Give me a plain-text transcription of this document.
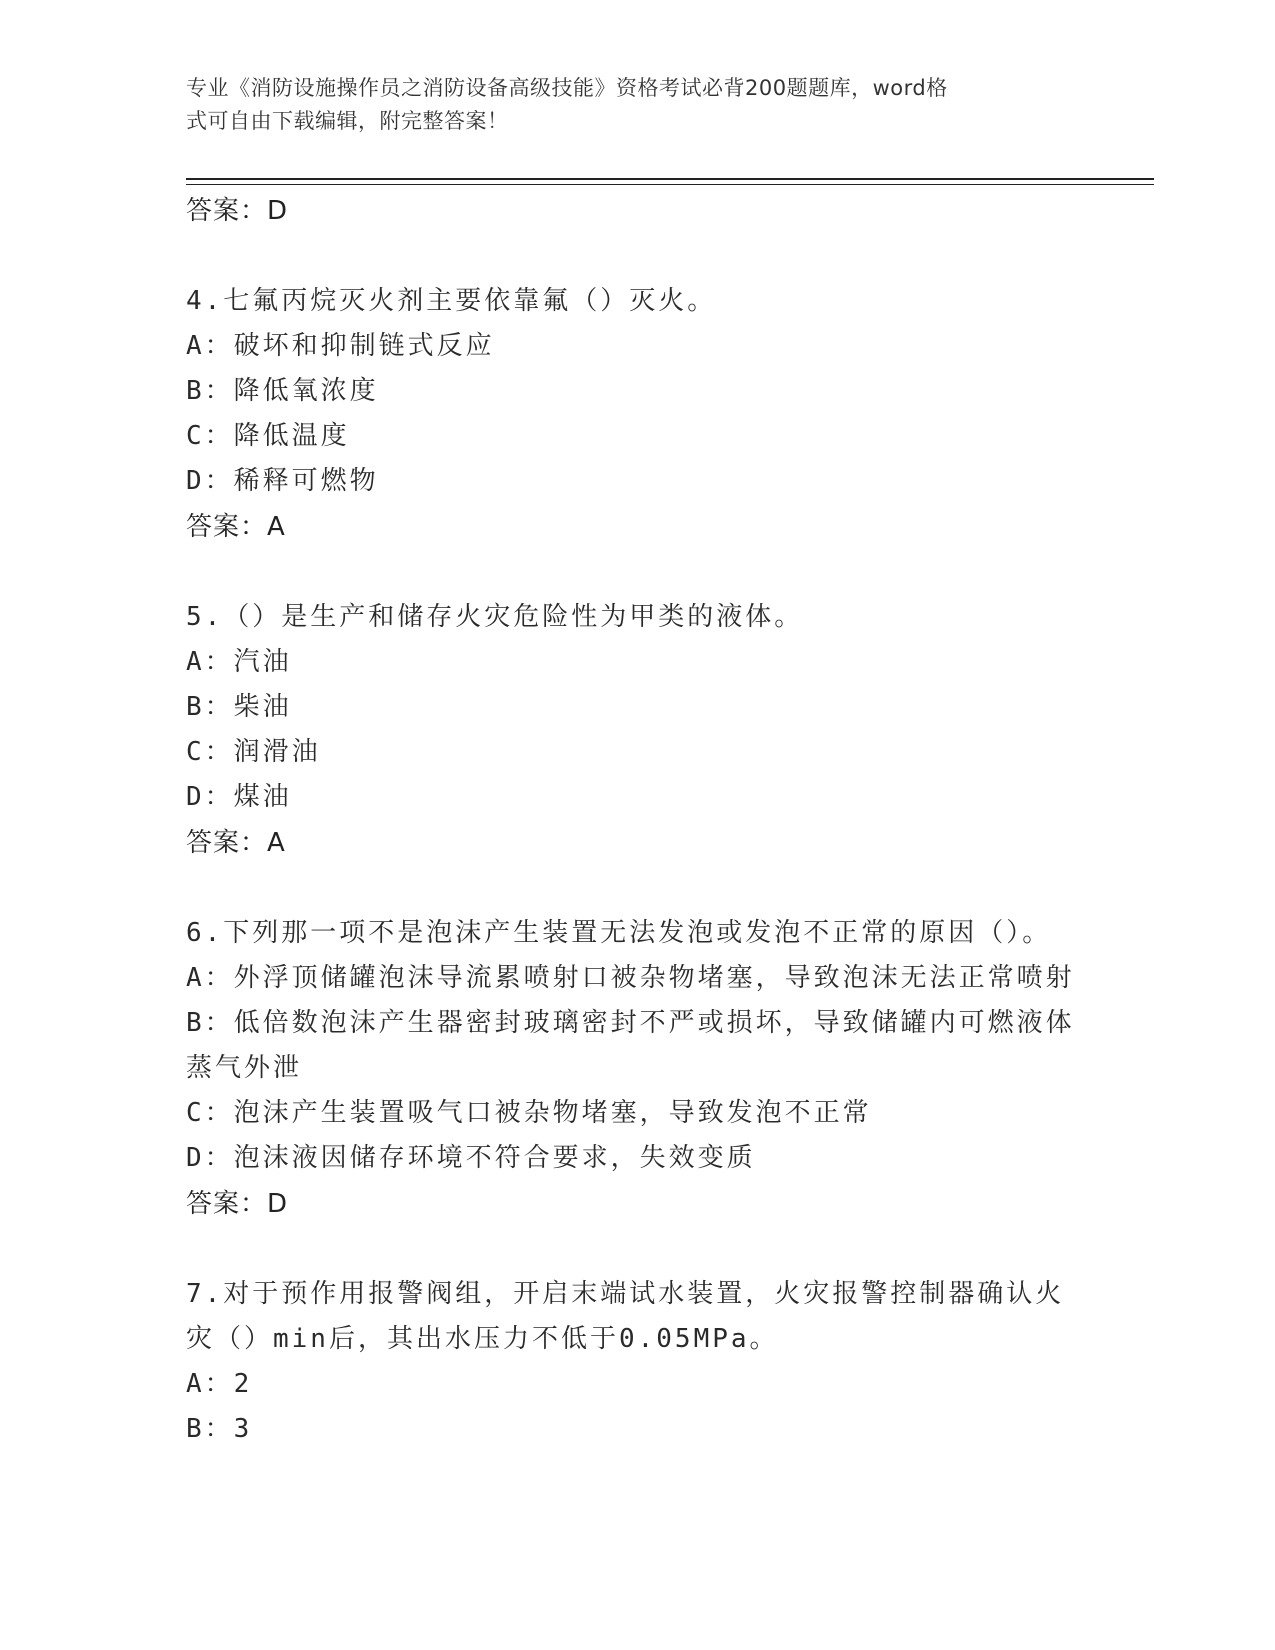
专业《消防设施操作员之消防设备高级技能》资格考试必背200题题库，word格
式可自由下载编辑，附完整答案！

答案：D

4.七氟丙烷灭火剂主要依靠氟（）灭火。

A：破坏和抑制链式反应

B：降低氧浓度

C：降低温度

D：稀释可燃物

答案：A

5.（）是生产和储存火灾危险性为甲类的液体。

A：汽油

B：柴油

C：润滑油

D：煤油

答案：A

6.下列那一项不是泡沫产生装置无法发泡或发泡不正常的原因（）。

A：外浮顶储罐泡沫导流累喷射口被杂物堵塞，导致泡沫无法正常喷射

B：低倍数泡沫产生器密封玻璃密封不严或损坏，导致储罐内可燃液体蒸气外泄

C：泡沫产生装置吸气口被杂物堵塞，导致发泡不正常

D：泡沫液因储存环境不符合要求，失效变质

答案：D

7.对于预作用报警阀组，开启末端试水装置，火灾报警控制器确认火灾（）min后，其出水压力不低于0.05MPa。

A：2

B：3
